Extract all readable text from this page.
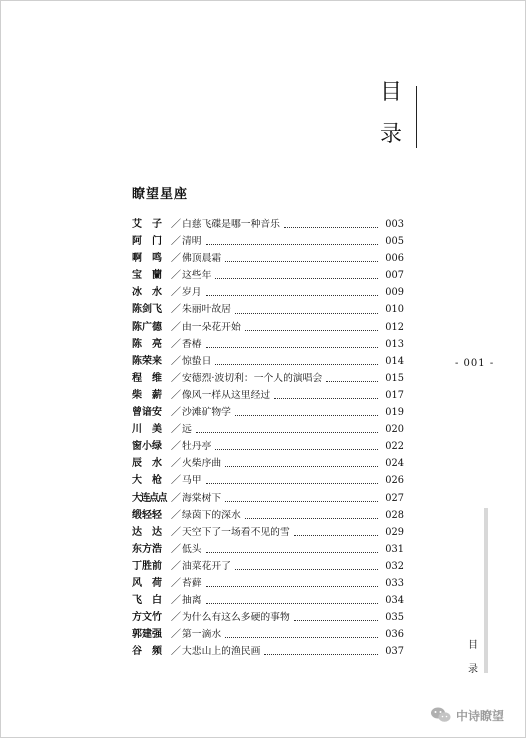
目
录
瞭望星座
艾　子 ／ 白慈飞碟是哪一种音乐	003
阿　门 ／ 清明	005
啊　鸣 ／ 佛顶晨霜	006
宝　蘭 ／ 这些年	007
冰　水 ／ 岁月	009
陈剑飞 ／ 朱丽叶故居	010
陈广德 ／ 由一朵花开始	012
陈　亮 ／ 香椿	013
陈荣来 ／ 惊蛰日	014
程　维 ／ 安德烈·波切利：一个人的演唱会	015
柴　薪 ／ 像风一样从这里经过	017
曾谙安 ／ 沙滩矿物学	019
川　美 ／ 远	020
窗小绿 ／ 牡丹亭	022
辰　水 ／ 火柴序曲	024
大　枪 ／ 马甲	026
大连点点 ／ 海棠树下	027
缎轻轻 ／ 绿茵下的深水	028
达　达 ／ 天空下了一场看不见的雪	029
东方浩 ／ 低头	031
丁胜前 ／ 油菜花开了	032
风　荷 ／ 苔藓	033
飞　白 ／ 抽离	034
方文竹 ／ 为什么有这么多硬的事物	035
郭建强 ／ 第一滴水	036
谷　频 ／ 大悲山上的渔民画	037
- 001 -
目
录
中诗瞭望
